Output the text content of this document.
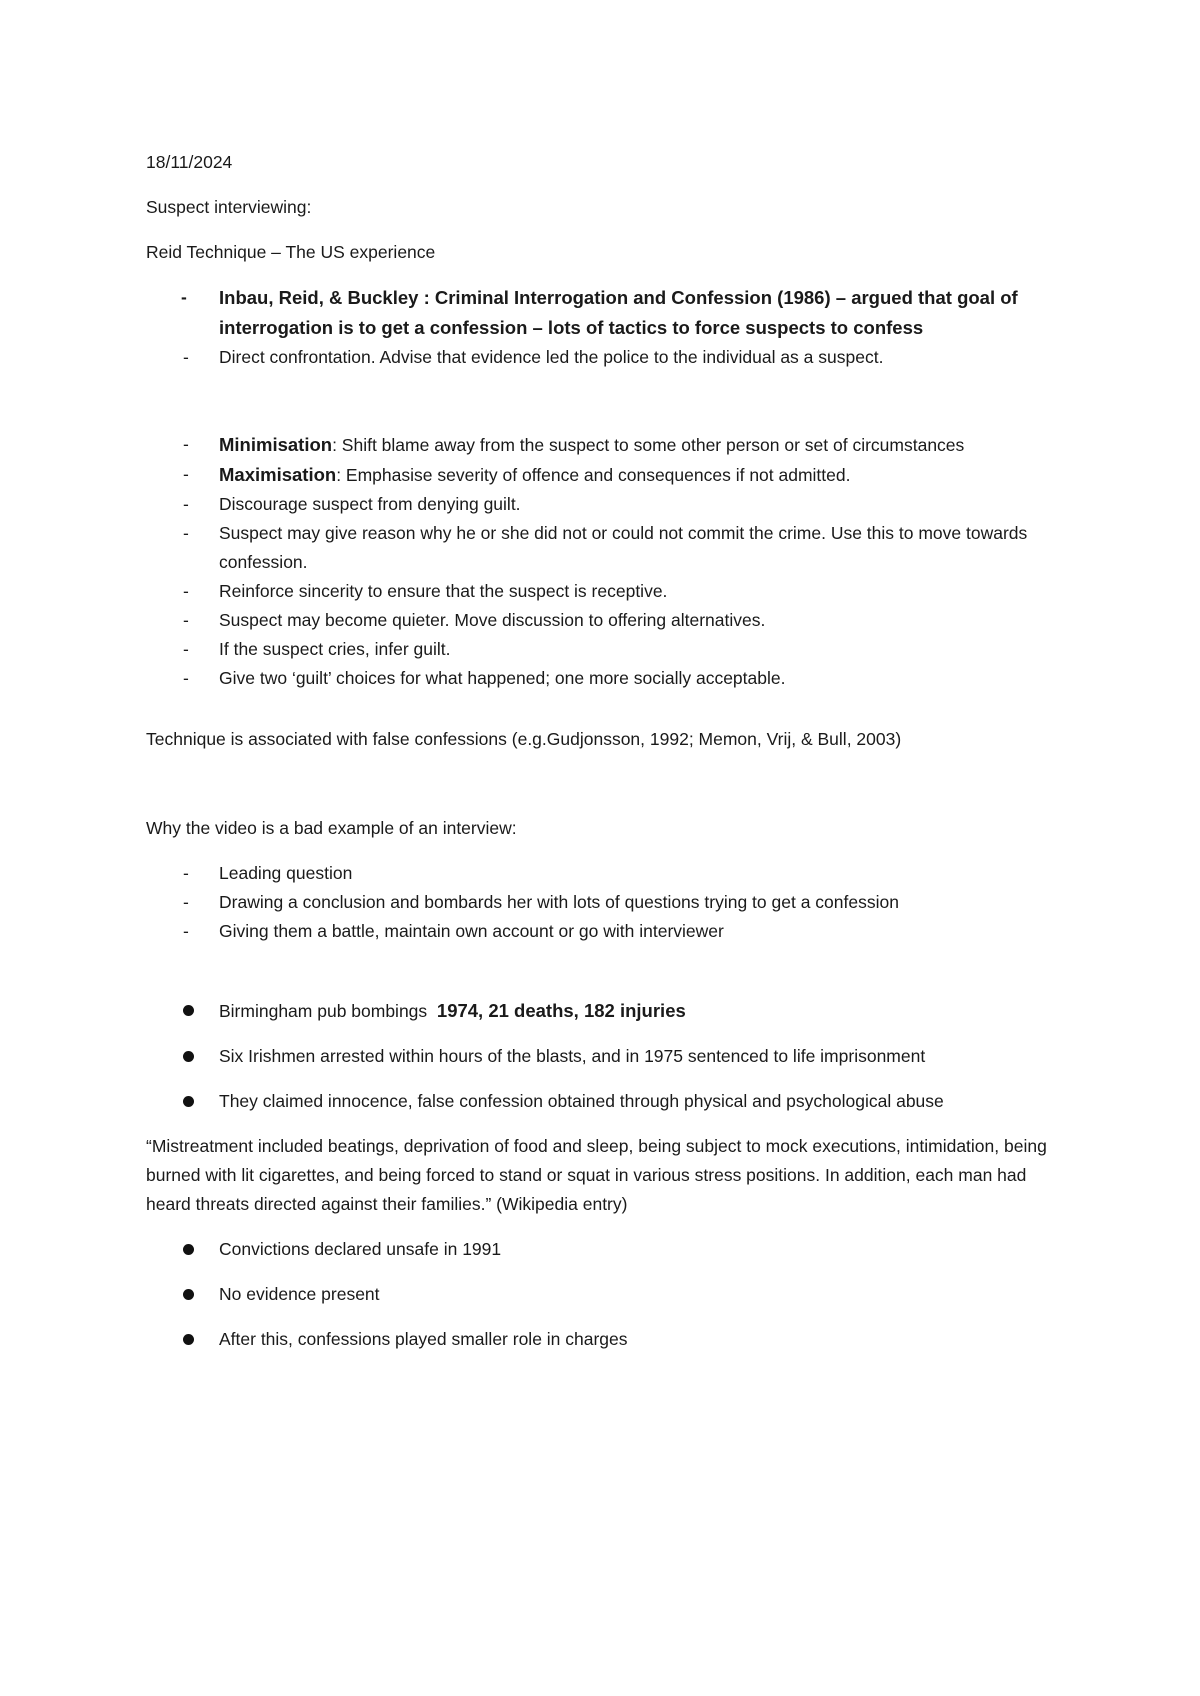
18/11/2024

Suspect interviewing:

Reid Technique – The US experience

- Inbau, Reid, & Buckley : Criminal Interrogation and Confession (1986) – argued that goal of interrogation is to get a confession – lots of tactics to force suspects to confess
- Direct confrontation. Advise that evidence led the police to the individual as a suspect.
- Minimisation: Shift blame away from the suspect to some other person or set of circumstances
- Maximisation: Emphasise severity of offence and consequences if not admitted.
- Discourage suspect from denying guilt.
- Suspect may give reason why he or she did not or could not commit the crime. Use this to move towards confession.
- Reinforce sincerity to ensure that the suspect is receptive.
- Suspect may become quieter. Move discussion to offering alternatives.
- If the suspect cries, infer guilt.
- Give two ‘guilt’ choices for what happened; one more socially acceptable.

Technique is associated with false confessions (e.g.Gudjonsson, 1992; Memon, Vrij, & Bull, 2003)

Why the video is a bad example of an interview:

- Leading question
- Drawing a conclusion and bombards her with lots of questions trying to get a confession
- Giving them a battle, maintain own account or go with interviewer
Birmingham pub bombings 1974, 21 deaths, 182 injuries
Six Irishmen arrested within hours of the blasts, and in 1975 sentenced to life imprisonment
They claimed innocence, false confession obtained through physical and psychological abuse

“Mistreatment included beatings, deprivation of food and sleep, being subject to mock executions, intimidation, being burned with lit cigarettes, and being forced to stand or squat in various stress positions. In addition, each man had heard threats directed against their families.” (Wikipedia entry)

Convictions declared unsafe in 1991
No evidence present
After this, confessions played smaller role in charges
